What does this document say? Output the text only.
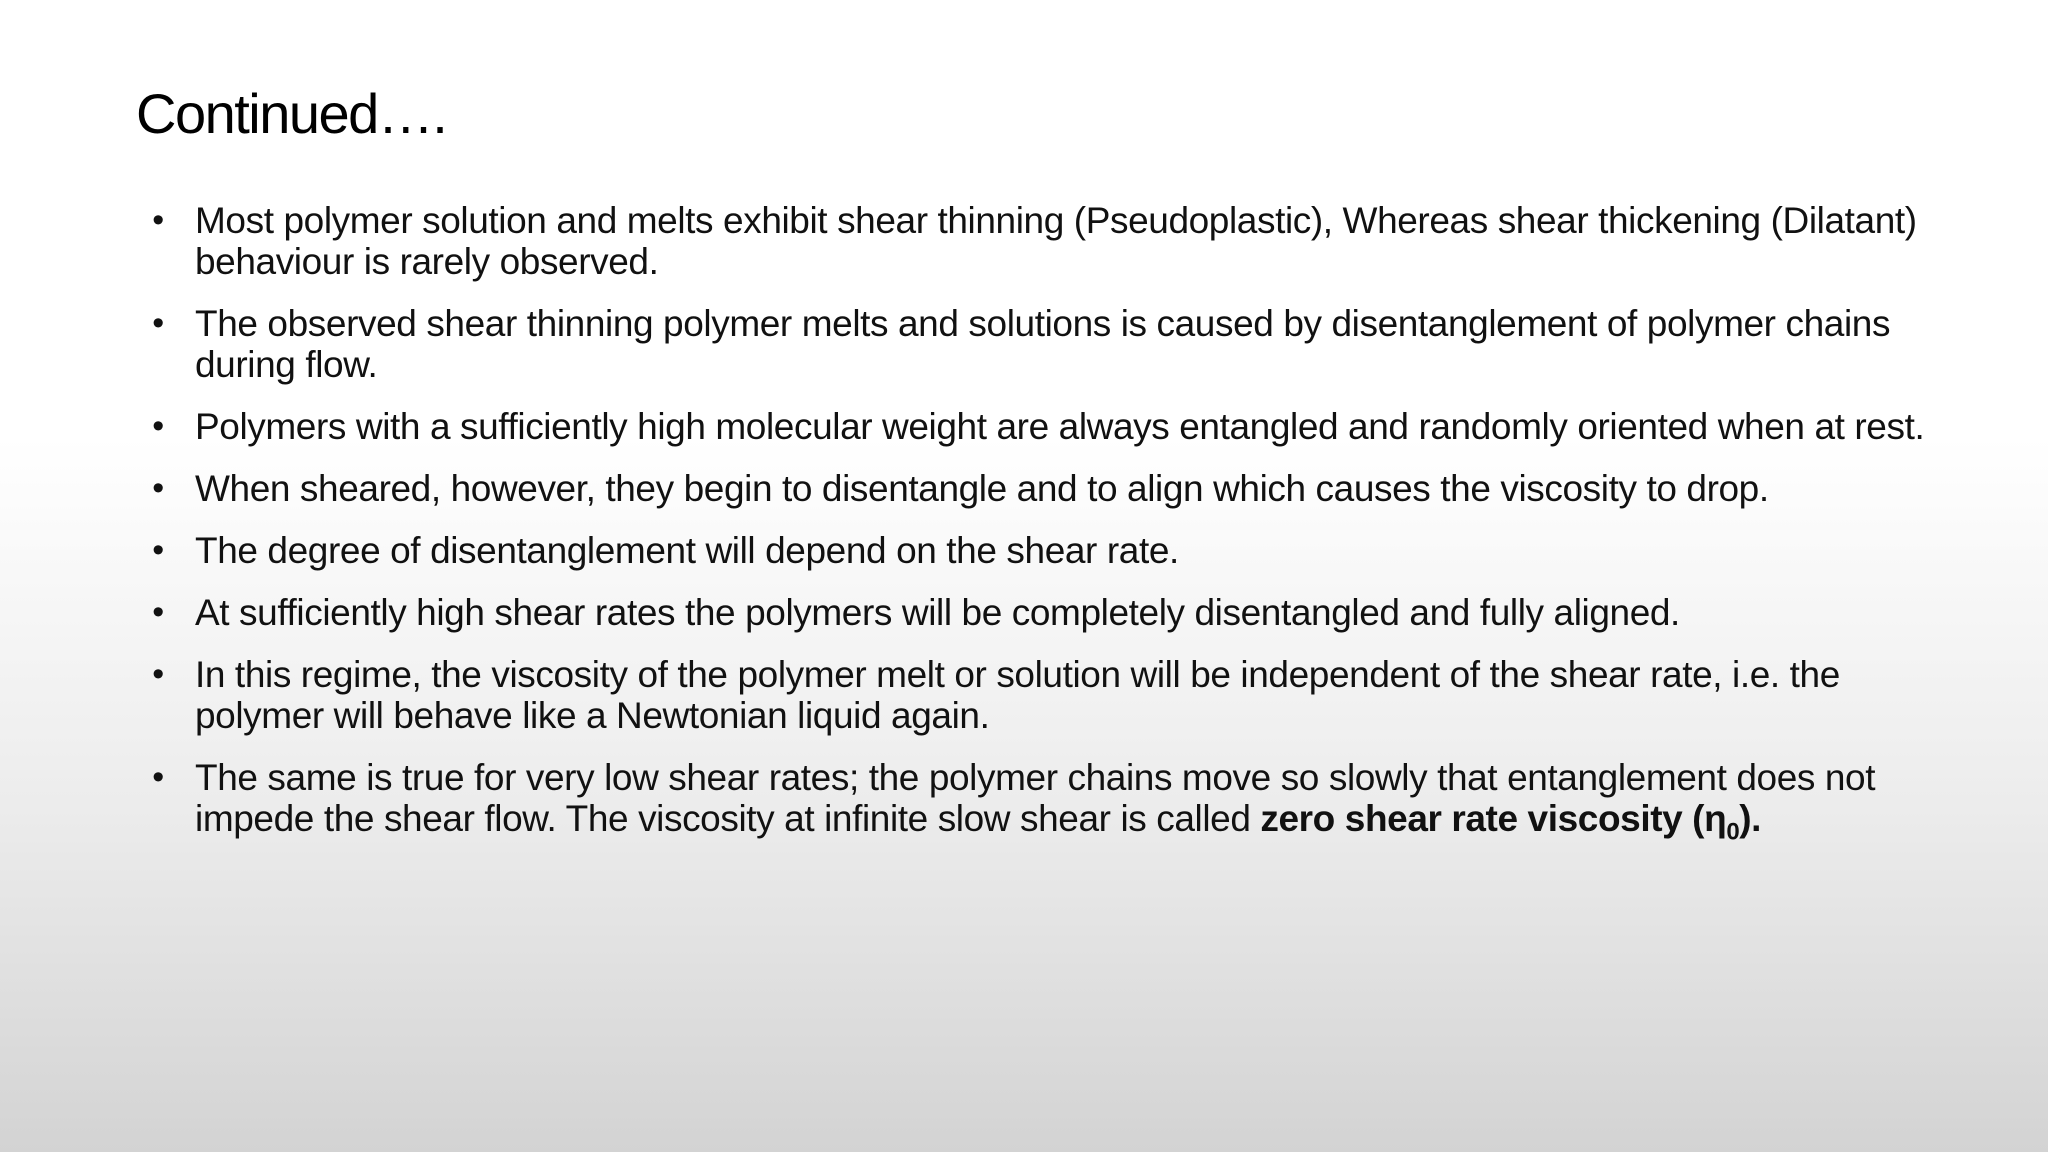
Continued….
• Most polymer solution and melts exhibit shear thinning (Pseudoplastic), Whereas shear thickening (Dilatant) behaviour is rarely observed.
• The observed shear thinning polymer melts and solutions is caused by disentanglement of polymer chains during flow.
• Polymers with a sufficiently high molecular weight are always entangled and randomly oriented when at rest.
• When sheared, however, they begin to disentangle and to align which causes the viscosity to drop.
• The degree of disentanglement will depend on the shear rate.
• At sufficiently high shear rates the polymers will be completely disentangled and fully aligned.
• In this regime, the viscosity of the polymer melt or solution will be independent of the shear rate, i.e. the polymer will behave like a Newtonian liquid again.
• The same is true for very low shear rates; the polymer chains move so slowly that entanglement does not impede the shear flow. The viscosity at infinite slow shear is called zero shear rate viscosity $(\eta_0)$.
